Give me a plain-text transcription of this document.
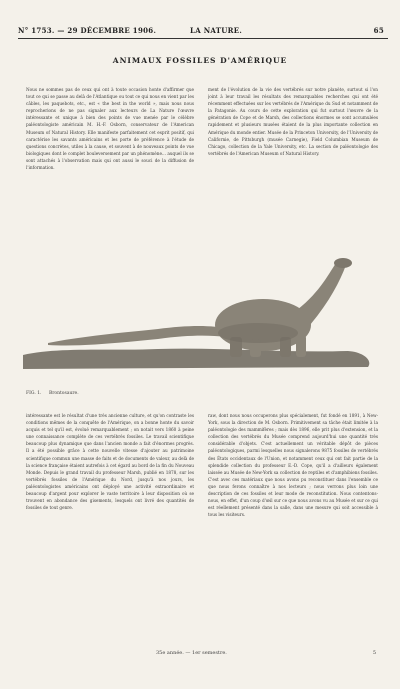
N° 1753. — 29 DÉCEMBRE 1906.	LA NATURE.	65
ANIMAUX FOSSILES D'AMÉRIQUE
Nous ne sommes pas de ceux qui ont à toute occasion honte d'affirmer que tout ce qui se passe au delà de l'Atlantique ou tout ce qui nous en vient par les câbles, les paquebots, etc., est « the best in the world », mais nous nous reprocherions de ne pas signaler aux lecteurs de La Nature l'œuvre intéressante et unique à bien des points de vue menée par le célèbre paléontologiste américain M. H.-F. Osborn, conservateur de l'American Museum of Natural History. Elle manifeste parfaitement cet esprit positif, qui caractérise les savants américains et les porte de préférence à l'étude de questions concrètes, utiles à la cause, et souvent à de nouveaux points de vue biologiques dont le complet bouleversement par un phénomène... auquel ils se sont attachés à l'observation mais qui ont aussi le souci de la diffusion de l'information.
ment de l'évolution de la vie des vertébrés sur notre planète, surtout si l'on joint à leur travail les résultats des remarquables recherches qui ont été récemment effectuées sur les vertébrés de l'Amérique du Sud et notamment de la Patagonie. Au cours de cette exploration qui fut surtout l'œuvre de la génération de Cope et de Marsh, des collections énormes se sont accumulées rapidement et plusieurs musées étaient de la plus importante collection en Amérique du monde entier. Musée de la Princeton University, de l'University de Californie, de Pittsburgh (musée Carnegie), Field Columbian Museum de Chicago, collection de la Yale University, etc. La section de paléontologie des vertébrés de l'American Museum of Natural History.
FIG. 1. Brontosaure.
intéressante est le résultat d'une très ancienne culture, et qu'on contraste les conditions mêmes de la conquête de l'Amérique, on a bonne honte du savoir acquis et tel qu'il est, évolué remarquablement ; on notait vers 1860 à peine une connaissance complète de ces vertébrés fossiles. Le travail scientifique beaucoup plus dynamique que dans l'ancien monde a fait d'énormes progrès. Il a été possible grâce à cette nouvelle vitesse d'ajouter au patrimoine scientifique commun une masse de faits et de documents de valeur, au delà de la science française étaient autrefois à cet égard au bord de la fin du Nouveau Monde. Depuis le grand travail du professeur Marsh, publié en 1878, sur les vertébrés fossiles de l'Amérique du Nord, jusqu'à nos jours, les paléontologistes américains ont déployé une activité extraordinaire et beaucoup d'argent pour explorer le vaste territoire à leur disposition où se trouvent en abondance des gisements, lesquels ont livré des quantités de fossiles de tout genre.
raw, dont nous nous occuperons plus spécialement, fut fondé en 1891, à New-York, sous la direction de M. Osborn. Primitivement sa tâche était limitée à la paléontologie des mammifères ; mais dès 1896, elle prit plus d'extension, et la collection des vertébrés du Musée comprend aujourd'hui une quantité très considérable d'objets. C'est actuellement un véritable dépôt de pièces paléontologiques, parmi lesquelles nous signalerons 9875 fossiles de vertébrés des États occidentaux de l'Union, et notamment ceux qui ont fait partie de la splendide collection du professeur E.-D. Cope, qu'il a d'ailleurs également laissée au Musée de New-York sa collection de reptiles et d'amphibiens fossiles. C'est avec ces matériaux que nous avons pu reconstituer dans l'ensemble ce que nous ferons connaître à nos lecteurs ; nous verrons plus loin une description de ces fossiles et leur mode de reconstitution. Nous contentons-nous, en effet, d'un coup d'œil sur ce que nous avons vu au Musée et sur ce qui est réellement présenté dans la salle, dans une mesure qui soit accessible à tous les visiteurs.
35e année. — 1er semestre.	5
